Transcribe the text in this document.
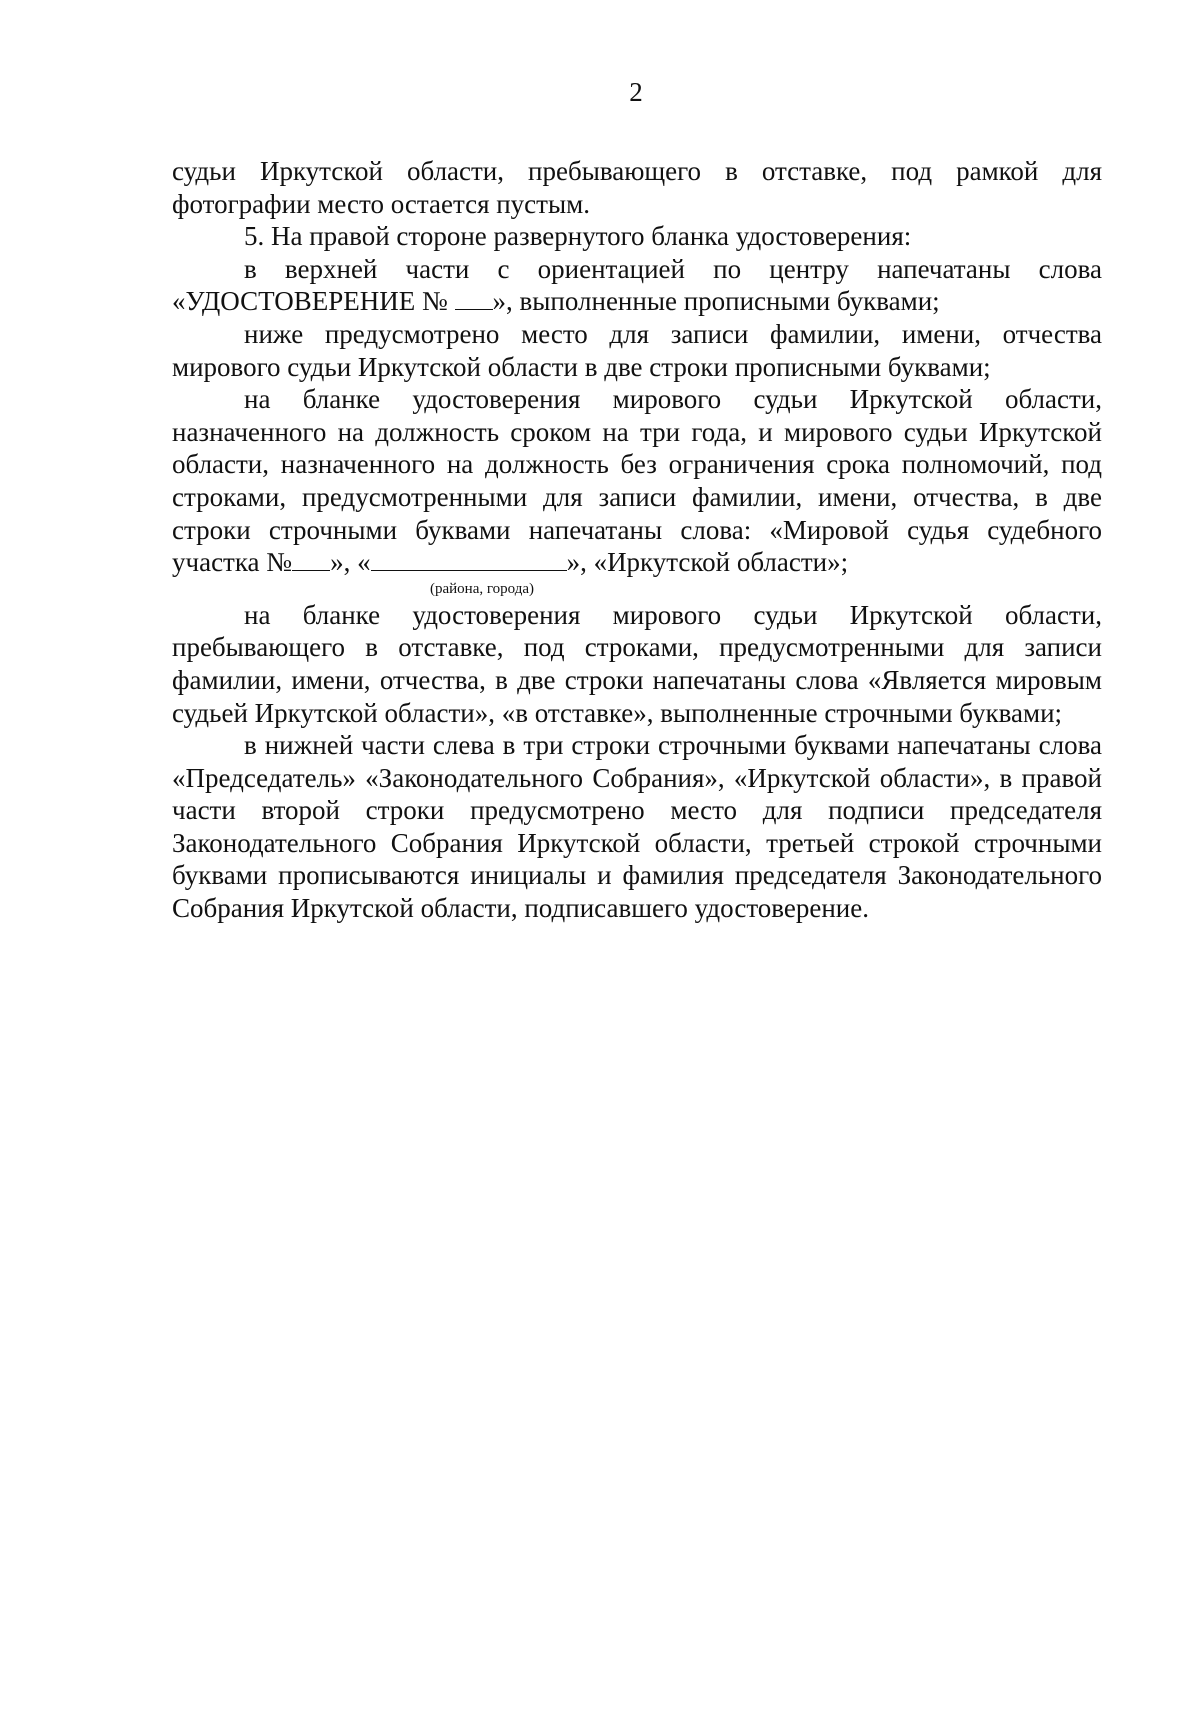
2

судьи Иркутской области, пребывающего в отставке, под рамкой для фотографии место остается пустым.

5. На правой стороне развернутого бланка удостоверения:

в верхней части с ориентацией по центру напечатаны слова «УДОСТОВЕРЕНИЕ № », выполненные прописными буквами;

ниже предусмотрено место для записи фамилии, имени, отчества мирового судьи Иркутской области в две строки прописными буквами;

на бланке удостоверения мирового судьи Иркутской области, назначенного на должность сроком на три года, и мирового судьи Иркутской области, назначенного на должность без ограничения срока полномочий, под строками, предусмотренными для записи фамилии, имени, отчества, в две строки строчными буквами напечатаны слова: «Мировой судья судебного участка № », «	», «Иркутской области»;

(района, города)

на бланке удостоверения мирового судьи Иркутской области, пребывающего в отставке, под строками, предусмотренными для записи фамилии, имени, отчества, в две строки напечатаны слова «Является мировым судьей Иркутской области», «в отставке», выполненные строчными буквами;

в нижней части слева в три строки строчными буквами напечатаны слова «Председатель» «Законодательного Собрания», «Иркутской области», в правой части второй строки предусмотрено место для подписи председателя Законодательного Собрания Иркутской области, третьей строкой строчными буквами прописываются инициалы и фамилия председателя Законодательного Собрания Иркутской области, подписавшего удостоверение.
